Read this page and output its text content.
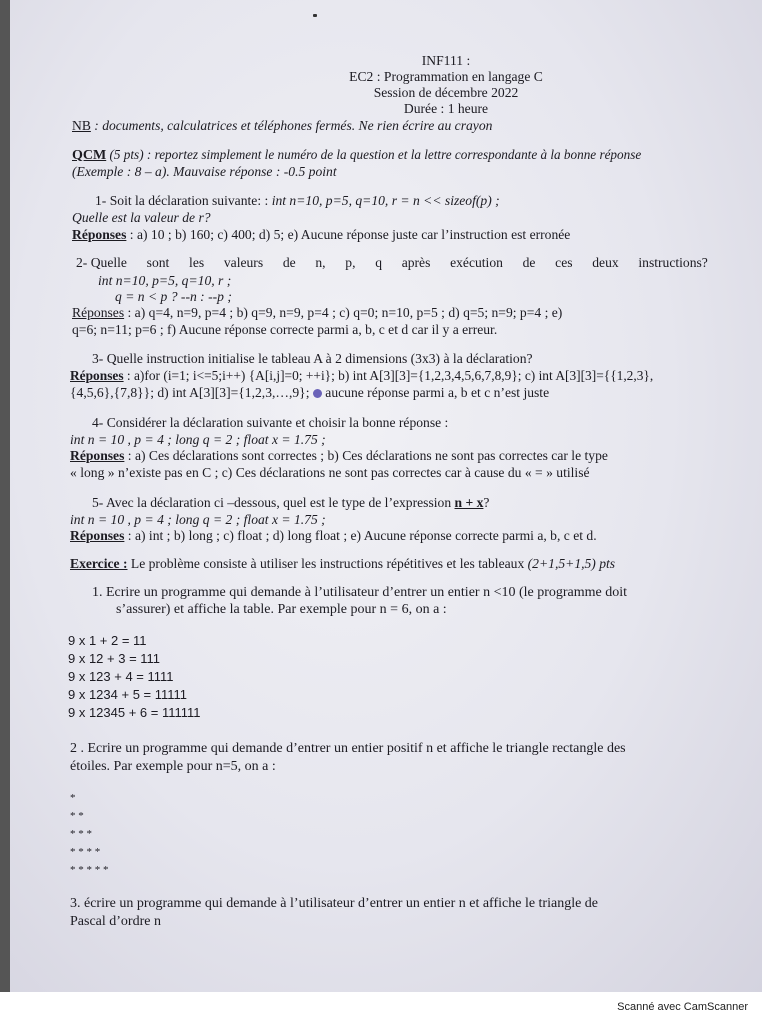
INF111 :
EC2 : Programmation en langage C
Session de décembre 2022
Durée : 1 heure
NB : documents, calculatrices et téléphones fermés. Ne rien écrire au crayon
QCM (5 pts) : reportez simplement le numéro de la question et la lettre correspondante à la bonne réponse
(Exemple : 8 – a). Mauvaise réponse : -0.5 point
1- Soit la déclaration suivante: : int n=10, p=5, q=10, r = n << sizeof(p) ;
Quelle est la valeur de r?
Réponses : a) 10 ; b) 160; c) 400; d) 5; e) Aucune réponse juste car l’instruction est erronée
2- Quelle sont les valeurs de n, p, q après exécution de ces deux instructions?
int n=10, p=5, q=10, r ;
q = n < p ? --n : --p ;
Réponses : a) q=4, n=9, p=4 ; b) q=9, n=9, p=4 ; c) q=0; n=10, p=5 ; d) q=5; n=9; p=4 ; e)
q=6; n=11; p=6 ; f) Aucune réponse correcte parmi a, b, c et d car il y a erreur.
3- Quelle instruction initialise le tableau A à 2 dimensions (3x3) à la déclaration?
Réponses : a)for (i=1; i<=5;i++) {A[i,j]=0; ++i}; b) int A[3][3]={1,2,3,4,5,6,7,8,9}; c) int A[3][3]={{1,2,3},
{4,5,6},{7,8}}; d) int A[3][3]={1,2,3,…,9};  aucune réponse parmi a, b et c n’est juste
4- Considérer la déclaration suivante et choisir la bonne réponse :
int n = 10 , p = 4 ; long q = 2 ; float x = 1.75 ;
Réponses : a) Ces déclarations sont correctes ; b) Ces déclarations ne sont pas correctes car le type
« long » n’existe pas en C ; c) Ces déclarations ne sont pas correctes car à cause du « = » utilisé
5- Avec la déclaration ci –dessous, quel est le type de l’expression n + x?
int n = 10 , p = 4 ; long q = 2 ; float x = 1.75 ;
Réponses : a) int ; b) long ; c) float ; d) long float ; e) Aucune réponse correcte parmi a, b, c et d.
Exercice : Le problème consiste à utiliser les instructions répétitives et les tableaux (2+1,5+1,5) pts
1. Ecrire un programme qui demande à l’utilisateur d’entrer un entier n <10 (le programme doit
s’assurer) et affiche la table. Par exemple pour n = 6, on a :
9 x 1 + 2 = 11
9 x 12 + 3 = 111
9 x 123 + 4 = 1111
9 x 1234 + 5 = 11111
9 x 12345 + 6 = 111111
2 . Ecrire un programme qui demande d’entrer un entier positif n et affiche le triangle rectangle des
étoiles. Par exemple pour n=5, on a :
*
* *
* * *
* * * *
* * * * *
3. écrire un programme qui demande à l’utilisateur d’entrer un entier n et affiche le triangle de
Pascal d’ordre n
Scanné avec CamScanner
